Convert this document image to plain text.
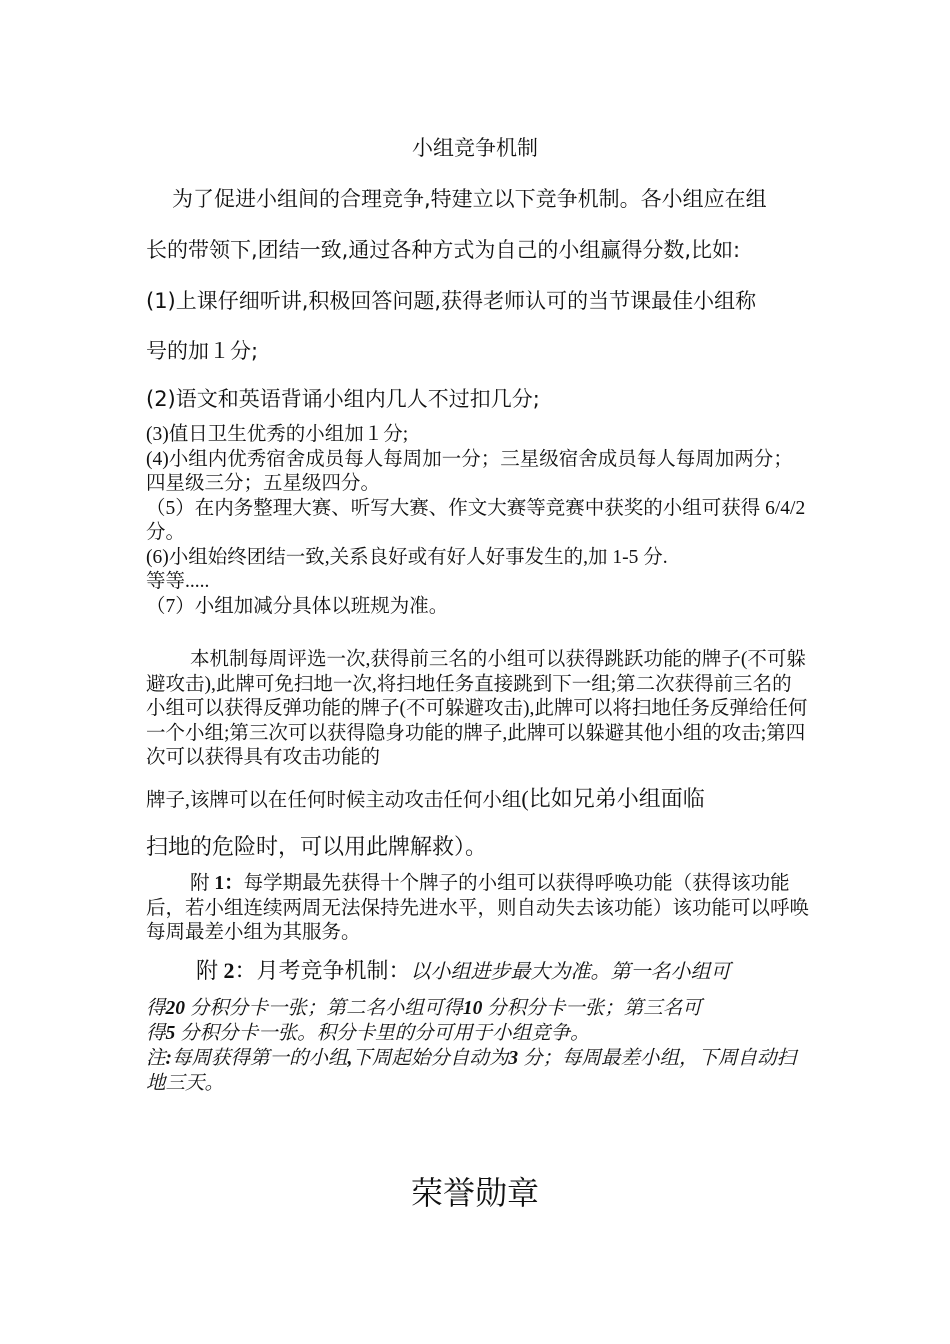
小组竞争机制
为了促进小组间的合理竞争,特建立以下竞争机制。各小组应在组
长的带领下,团结一致,通过各种方式为自己的小组赢得分数,比如:
(1)上课仔细听讲,积极回答问题,获得老师认可的当节课最佳小组称
号的加１分;
(2)语文和英语背诵小组内几人不过扣几分;

(3)值日卫生优秀的小组加１分;

(4)小组内优秀宿舍成员每人每周加一分；三星级宿舍成员每人每周加两分；四星级三分；五星级四分。

（5）在内务整理大赛、听写大赛、作文大赛等竞赛中获奖的小组可获得 6/4/2 分。

(6)小组始终团结一致,关系良好或有好人好事发生的,加 1-5 分.

等等.....

（7）小组加减分具体以班规为准。

本机制每周评选一次,获得前三名的小组可以获得跳跃功能的牌子(不可躲避攻击),此牌可免扫地一次,将扫地任务直接跳到下一组;第二次获得前三名的小组可以获得反弹功能的牌子(不可躲避攻击),此牌可以将扫地任务反弹给任何一个小组;第三次可以获得隐身功能的牌子,此牌可以躲避其他小组的攻击;第四次可以获得具有攻击功能的
牌子,该牌可以在任何时候主动攻击任何小组(比如兄弟小组面临
扫地的危险时，可以用此牌解救）。
附 1：每学期最先获得十个牌子的小组可以获得呼唤功能（获得该功能后，若小组连续两周无法保持先进水平，则自动失去该功能）该功能可以呼唤每周最差小组为其服务。
附 2：月考竞争机制：以小组进步最大为准。第一名小组可

得20 分积分卡一张；第二名小组可得10 分积分卡一张；第三名可

得5 分积分卡一张。积分卡里的分可用于小组竞争。

注:每周获得第一的小组,下周起始分自动为3 分；每周最差小组，下周自动扫地三天。

荣誉勋章
